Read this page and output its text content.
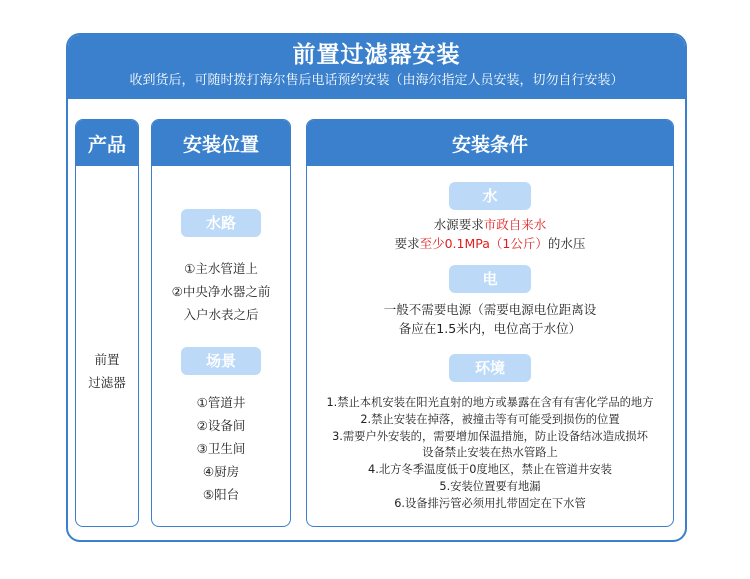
前置过滤器安装
收到货后，可随时拨打海尔售后电话预约安装（由海尔指定人员安装，切勿自行安装）
产品
前置
过滤器
安装位置
水路
①主水管道上
②中央净水器之前
入户水表之后
场景
①管道井
②设备间
③卫生间
④厨房
⑤阳台
安装条件
水
水源要求市政自来水
要求至少0.1MPa（1公斤）的水压
电
一般不需要电源（需要电源电位距离设
备应在1.5米内，电位高于水位）
环境
1.禁止本机安装在阳光直射的地方或暴露在含有有害化学品的地方
2.禁止安装在掉落，被撞击等有可能受到损伤的位置
3.需要户外安装的，需要增加保温措施，防止设备结冰造成损坏
设备禁止安装在热水管路上
4.北方冬季温度低于0度地区，禁止在管道井安装
5.安装位置要有地漏
6.设备排污管必须用扎带固定在下水管
